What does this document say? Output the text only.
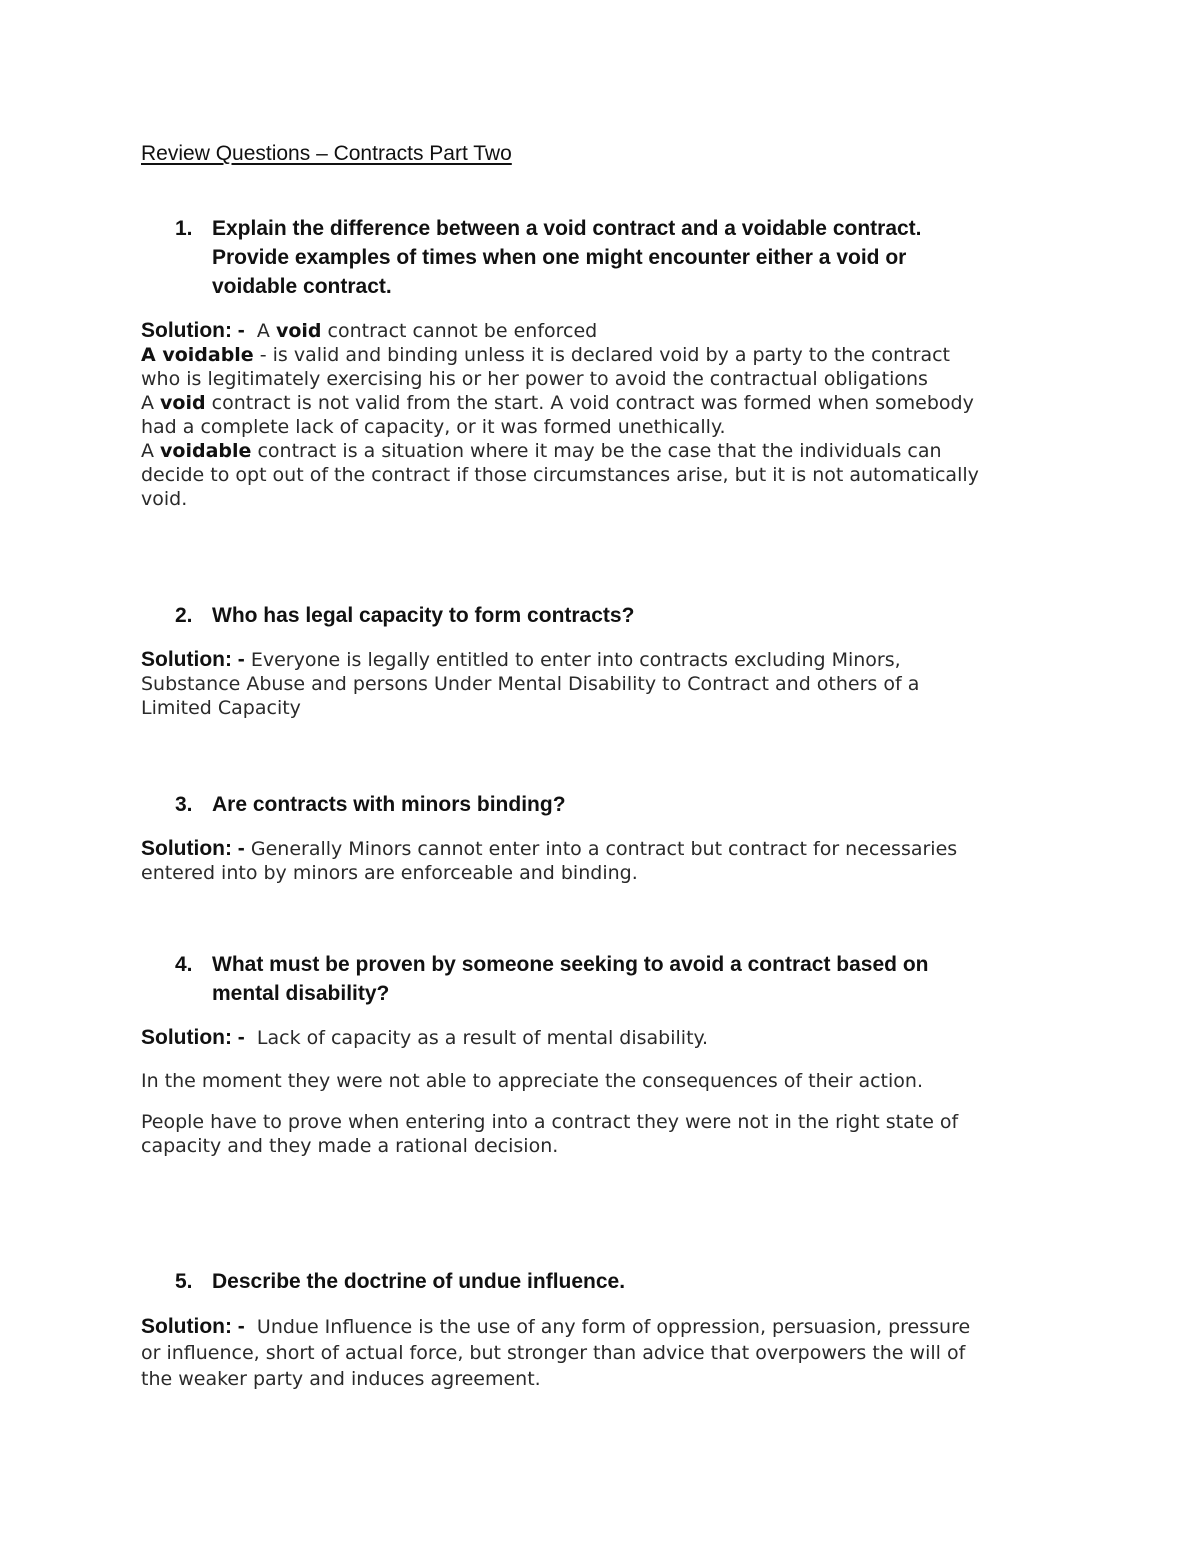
Review Questions – Contracts Part Two
1. Explain the difference between a void contract and a voidable contract.
Provide examples of times when one might encounter either a void or
voidable contract.

Solution: - A void contract cannot be enforced

A voidable - is valid and binding unless it is declared void by a party to the contract

who is legitimately exercising his or her power to avoid the contractual obligations

A void contract is not valid from the start. A void contract was formed when somebody

had a complete lack of capacity, or it was formed unethically.

A voidable contract is a situation where it may be the case that the individuals can

decide to opt out of the contract if those circumstances arise, but it is not automatically

void.

2. Who has legal capacity to form contracts?

Solution: - Everyone is legally entitled to enter into contracts excluding Minors,

Substance Abuse and persons Under Mental Disability to Contract and others of a

Limited Capacity

3. Are contracts with minors binding?

Solution: - Generally Minors cannot enter into a contract but contract for necessaries

entered into by minors are enforceable and binding.

4. What must be proven by someone seeking to avoid a contract based on
mental disability?

Solution: - Lack of capacity as a result of mental disability.

In the moment they were not able to appreciate the consequences of their action.

People have to prove when entering into a contract they were not in the right state of

capacity and they made a rational decision.

5. Describe the doctrine of undue influence.

Solution: - Undue Influence is the use of any form of oppression, persuasion, pressure

or influence, short of actual force, but stronger than advice that overpowers the will of

the weaker party and induces agreement.
